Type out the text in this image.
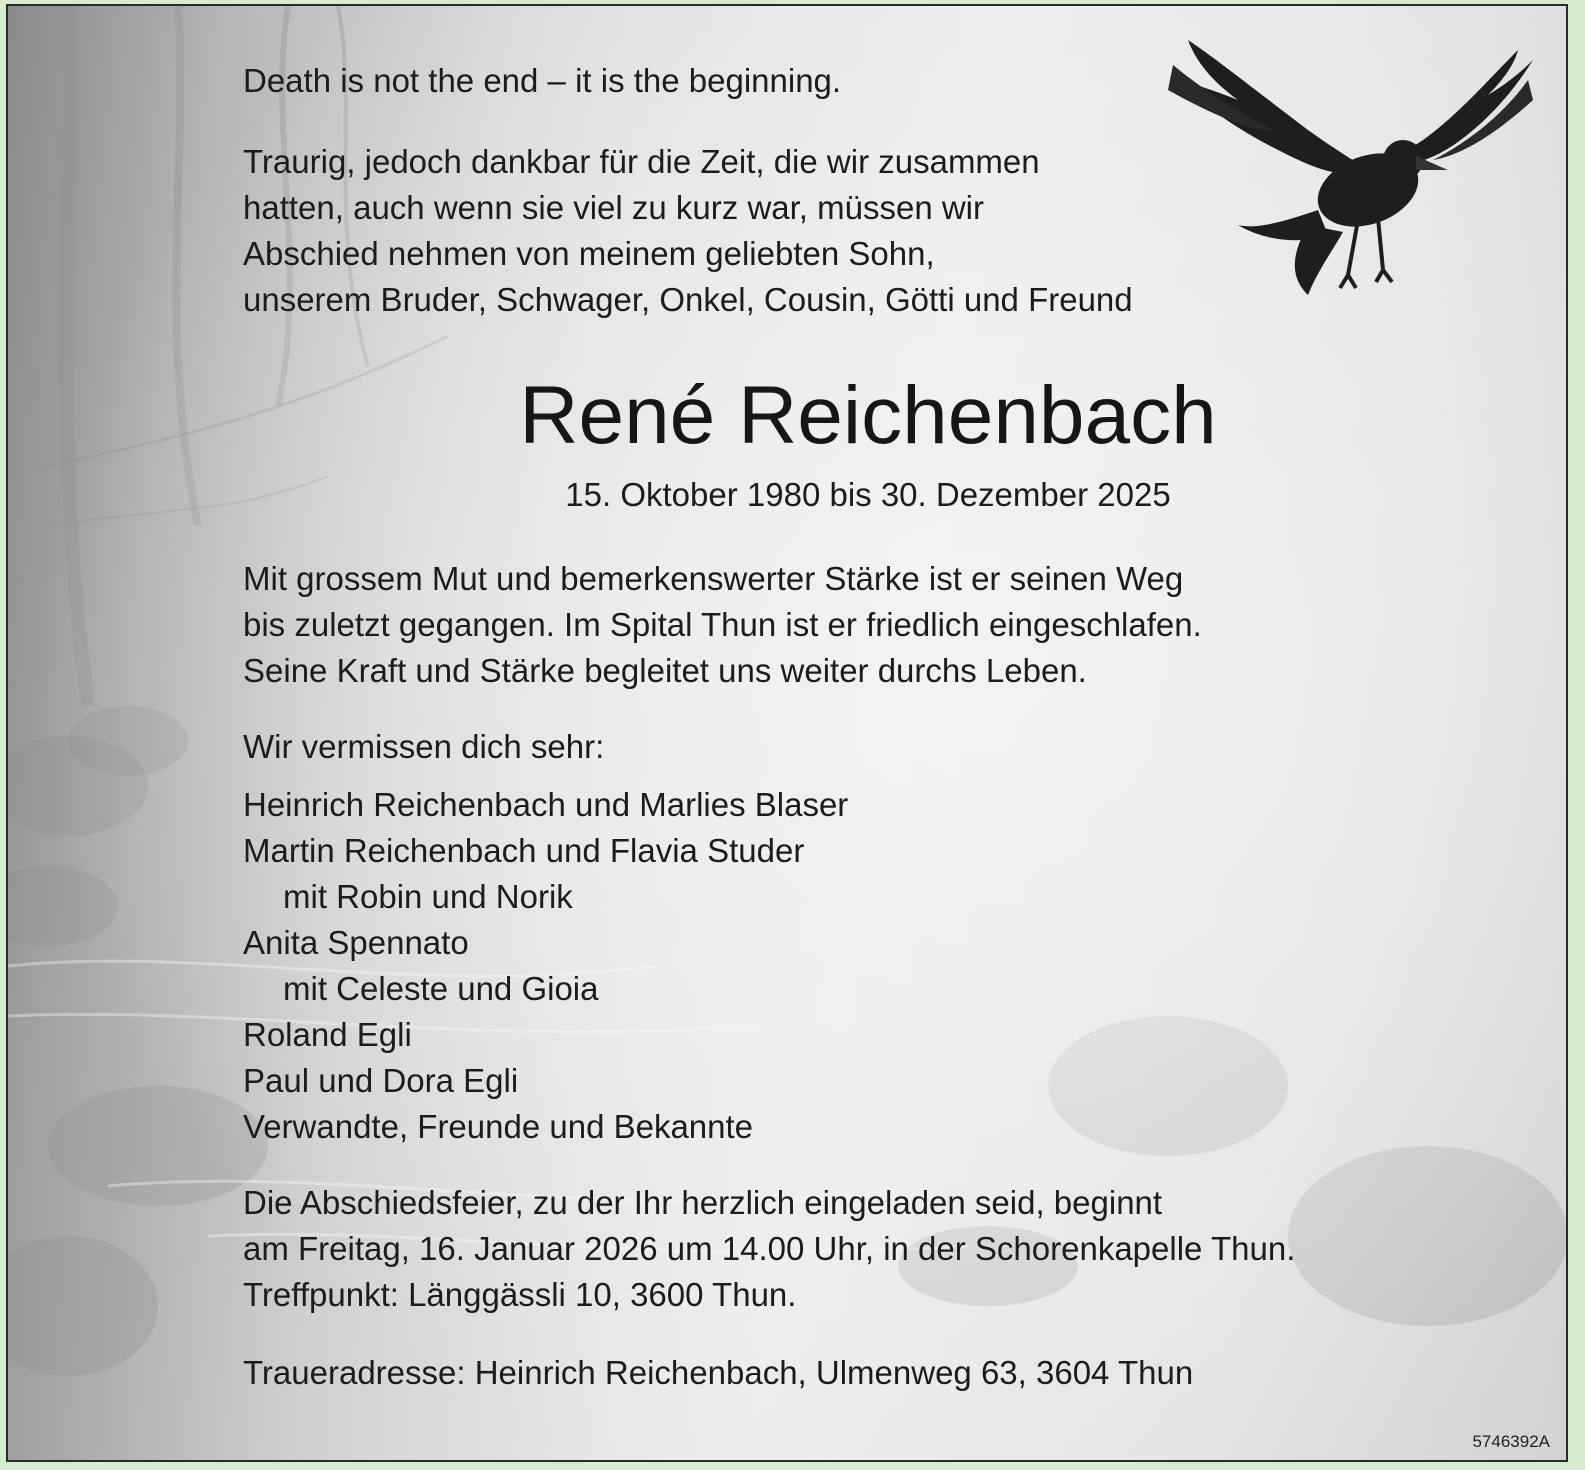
Death is not the end – it is the beginning.
Traurig, jedoch dankbar für die Zeit, die wir zusammen
hatten, auch wenn sie viel zu kurz war, müssen wir
Abschied nehmen von meinem geliebten Sohn,
unserem Bruder, Schwager, Onkel, Cousin, Götti und Freund
René Reichenbach
15. Oktober 1980 bis 30. Dezember 2025
Mit grossem Mut und bemerkenswerter Stärke ist er seinen Weg
bis zuletzt gegangen. Im Spital Thun ist er friedlich eingeschlafen.
Seine Kraft und Stärke begleitet uns weiter durchs Leben.
Wir vermissen dich sehr:
Heinrich Reichenbach und Marlies Blaser
Martin Reichenbach und Flavia Studer
mit Robin und Norik
Anita Spennato
mit Celeste und Gioia
Roland Egli
Paul und Dora Egli
Verwandte, Freunde und Bekannte
Die Abschiedsfeier, zu der Ihr herzlich eingeladen seid, beginnt
am Freitag, 16. Januar 2026 um 14.00 Uhr, in der Schorenkapelle Thun.
Treffpunkt: Länggässli 10, 3600 Thun.
Traueradresse: Heinrich Reichenbach, Ulmenweg 63, 3604 Thun
5746392A
